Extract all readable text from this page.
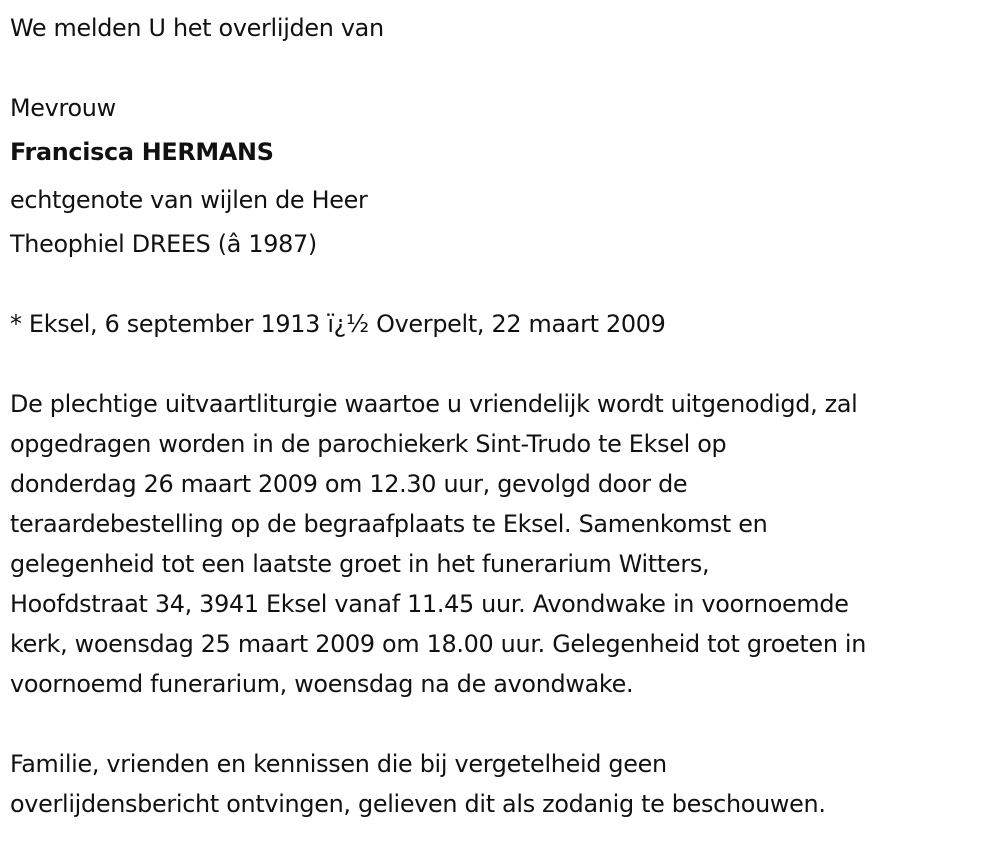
We melden U het overlijden van
Mevrouw
Francisca HERMANS
echtgenote van wijlen de Heer
Theophiel DREES (â 1987)
* Eksel, 6 september 1913 ï¿½ Overpelt, 22 maart 2009
De plechtige uitvaartliturgie waartoe u vriendelijk wordt uitgenodigd, zal
opgedragen worden in de parochiekerk Sint-Trudo te Eksel op
donderdag 26 maart 2009 om 12.30 uur, gevolgd door de
teraardebestelling op de begraafplaats te Eksel. Samenkomst en
gelegenheid tot een laatste groet in het funerarium Witters,
Hoofdstraat 34, 3941 Eksel vanaf 11.45 uur. Avondwake in voornoemde
kerk, woensdag 25 maart 2009 om 18.00 uur. Gelegenheid tot groeten in
voornoemd funerarium, woensdag na de avondwake.
Familie, vrienden en kennissen die bij vergetelheid geen
overlijdensbericht ontvingen, gelieven dit als zodanig te beschouwen.
